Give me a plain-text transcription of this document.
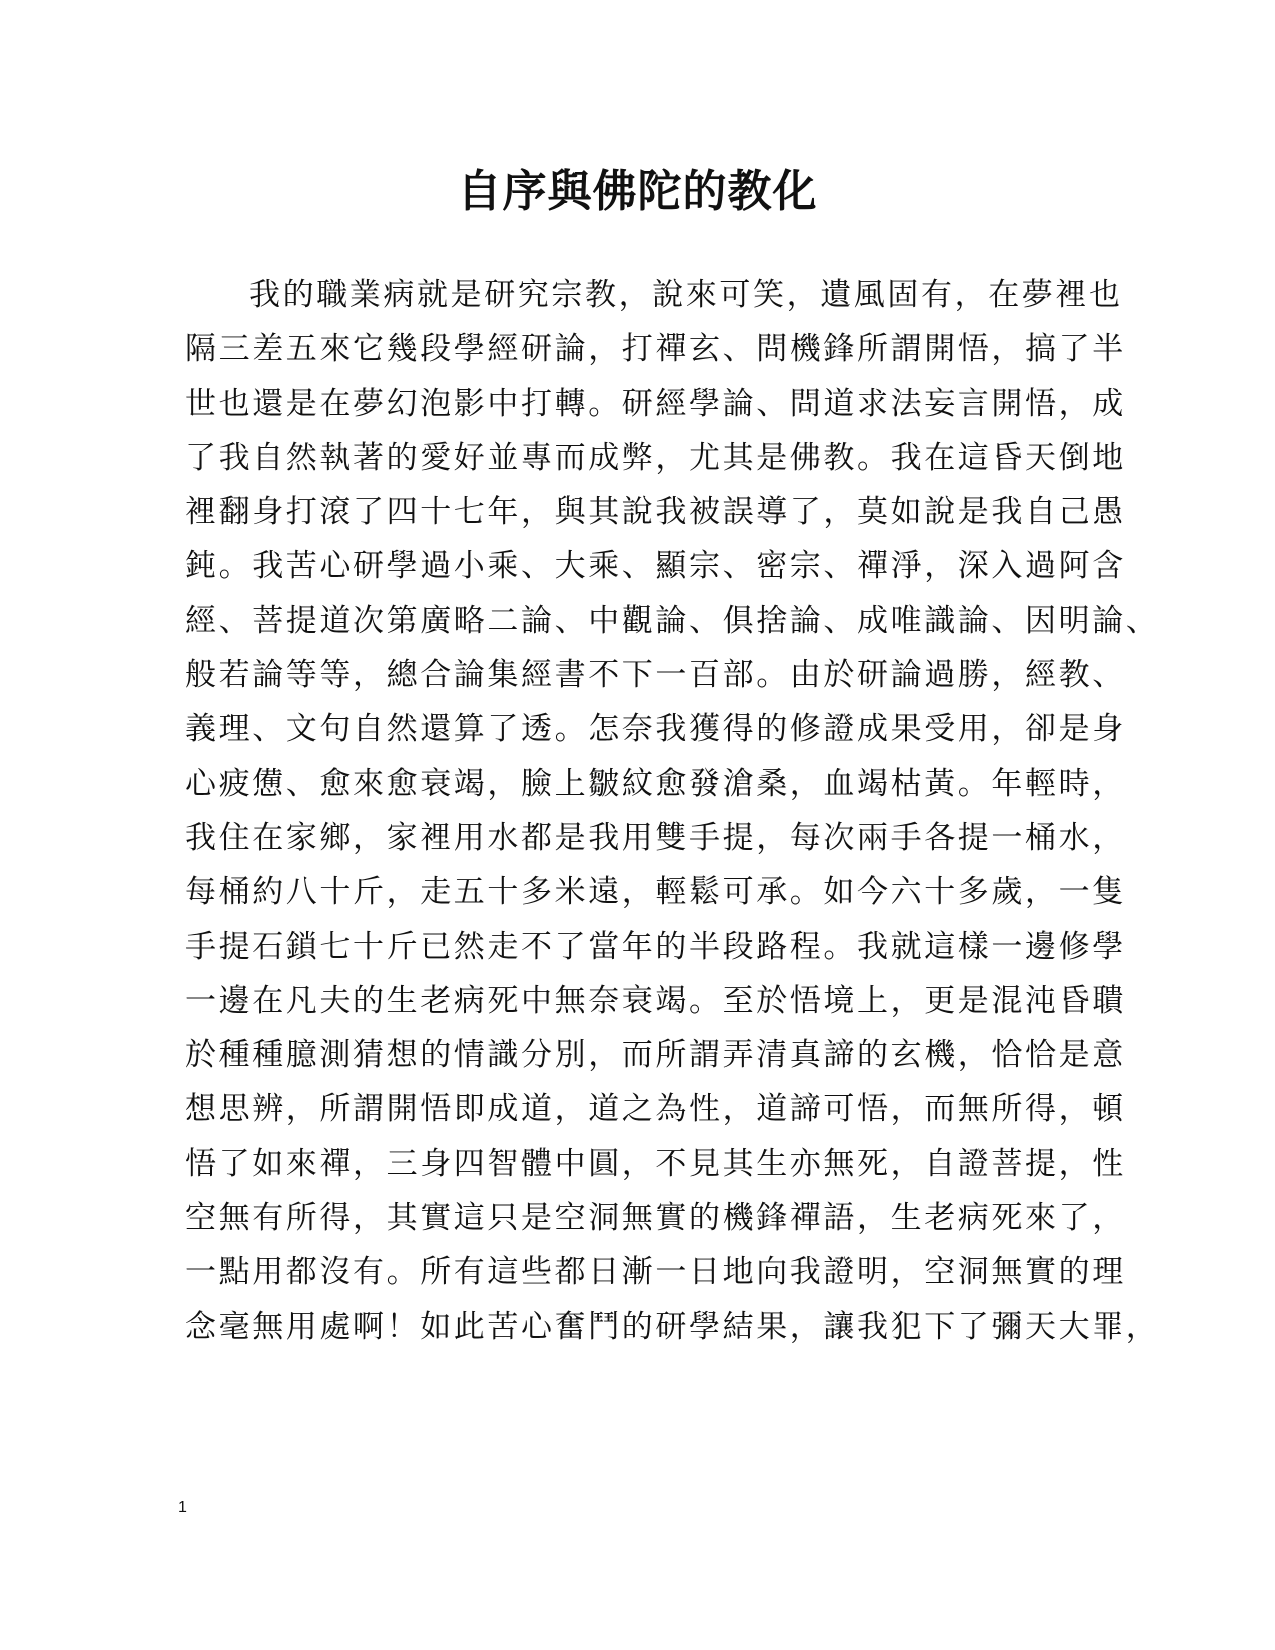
自序與佛陀的教化
我的職業病就是研究宗教，說來可笑，遺風固有，在夢裡也
隔三差五來它幾段學經研論，打禪玄、問機鋒所謂開悟，搞了半
世也還是在夢幻泡影中打轉。研經學論、問道求法妄言開悟，成
了我自然執著的愛好並專而成弊，尤其是佛教。我在這昏天倒地
裡翻身打滾了四十七年，與其說我被誤導了，莫如說是我自己愚
鈍。我苦心研學過小乘、大乘、顯宗、密宗、禪淨，深入過阿含
經、菩提道次第廣略二論、中觀論、俱捨論、成唯識論、因明論、
般若論等等，總合論集經書不下一百部。由於研論過勝，經教、
義理、文句自然還算了透。怎奈我獲得的修證成果受用，卻是身
心疲憊、愈來愈衰竭，臉上皺紋愈發滄桑，血竭枯黃。年輕時，
我住在家鄉，家裡用水都是我用雙手提，每次兩手各提一桶水，
每桶約八十斤，走五十多米遠，輕鬆可承。如今六十多歲，一隻
手提石鎖七十斤已然走不了當年的半段路程。我就這樣一邊修學
一邊在凡夫的生老病死中無奈衰竭。至於悟境上，更是混沌昏聵
於種種臆測猜想的情識分別，而所謂弄清真諦的玄機，恰恰是意
想思辨，所謂開悟即成道，道之為性，道諦可悟，而無所得，頓
悟了如來禪，三身四智體中圓，不見其生亦無死，自證菩提，性
空無有所得，其實這只是空洞無實的機鋒禪語，生老病死來了，
一點用都沒有。所有這些都日漸一日地向我證明，空洞無實的理
念毫無用處啊！如此苦心奮鬥的研學結果，讓我犯下了彌天大罪，
1
